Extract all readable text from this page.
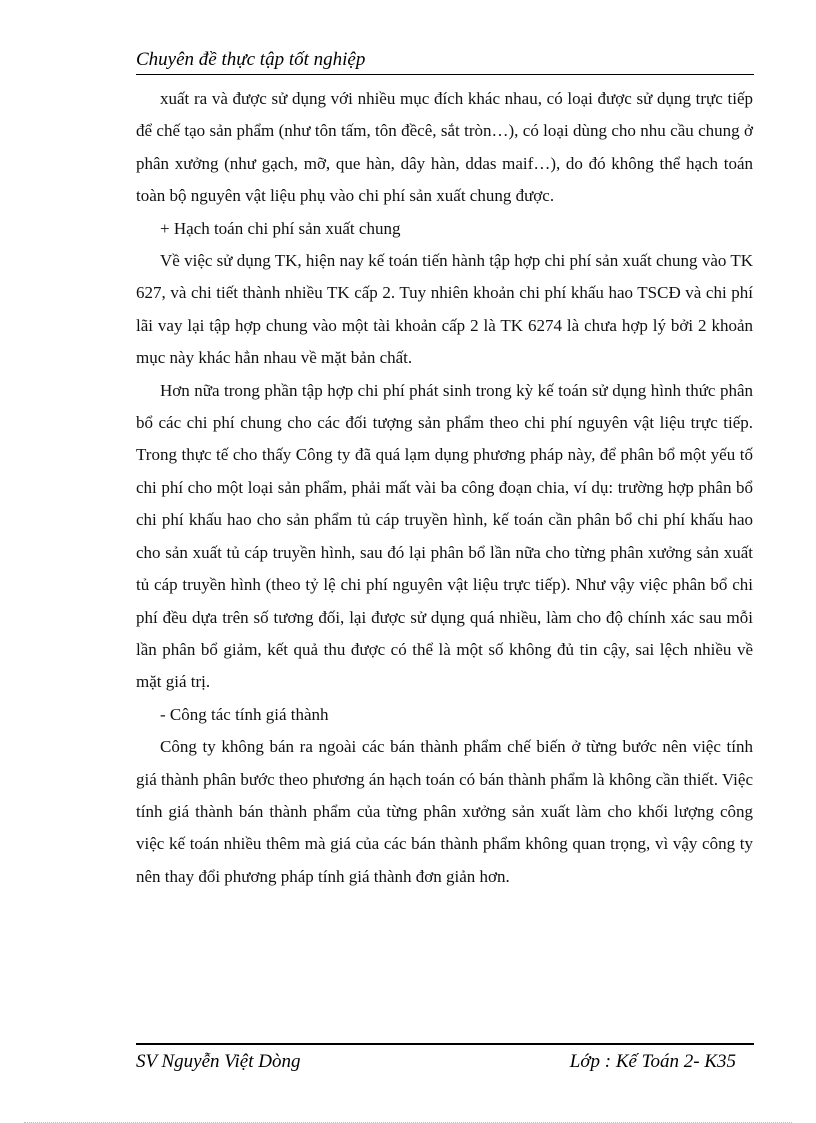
Chuyên đề thực tập tốt nghiệp

xuất ra và được sử dụng với nhiều mục đích khác nhau, có loại được sử dụng trực tiếp để chế tạo sản phẩm (như tôn tấm, tôn đềcê, sắt tròn…), có loại dùng cho nhu cầu chung ở phân xưởng (như gạch, mỡ, que hàn, dây hàn, ddas maif…), do đó không thể hạch toán toàn bộ nguyên vật liệu phụ vào chi phí sản xuất chung được.

+ Hạch toán chi phí sản xuất chung

Về việc sử dụng TK, hiện nay kế toán tiến hành tập hợp chi phí sản xuất chung vào TK 627, và chi tiết thành nhiều TK cấp 2. Tuy nhiên khoản chi phí khấu hao TSCĐ và chi phí lãi vay lại tập hợp chung vào một tài khoản cấp 2 là TK 6274 là chưa hợp lý bởi 2 khoản mục này khác hẳn nhau về mặt bản chất.

Hơn nữa trong phần tập hợp chi phí phát sinh trong kỳ kế toán sử dụng hình thức phân bổ các chi phí chung cho các đối tượng sản phẩm theo chi phí nguyên vật liệu trực tiếp. Trong thực tế cho thấy Công ty đã quá lạm dụng phương pháp này, để phân bổ một yếu tố chi phí cho một loại sản phẩm, phải mất vài ba công đoạn chia, ví dụ: trường hợp phân bổ chi phí khấu hao cho sản phẩm tủ cáp truyền hình, kế toán cần phân bổ chi phí khấu hao cho sản xuất tủ cáp truyền hình, sau đó lại phân bổ lần nữa cho từng phân xưởng sản xuất tủ cáp truyền hình (theo tỷ lệ chi phí nguyên vật liệu trực tiếp). Như vậy việc phân bổ chi phí đều dựa trên số tương đối, lại được sử dụng quá nhiều, làm cho độ chính xác sau mỗi lần phân bổ giảm, kết quả thu được có thể là một số không đủ tin cậy, sai lệch nhiều về mặt giá trị.

- Công tác tính giá thành

Công ty không bán ra ngoài các bán thành phẩm chế biến ở từng bước nên việc tính giá thành phân bước theo phương án hạch toán có bán thành phẩm là không cần thiết. Việc tính giá thành bán thành phẩm của từng phân xưởng sản xuất làm cho khối lượng công việc kế toán nhiều thêm mà giá của các bán thành phẩm không quan trọng, vì vậy công ty nên thay đổi phương pháp tính giá thành đơn giản hơn.

SV Nguyễn Việt Dòng	Lớp : Kế Toán 2- K35
